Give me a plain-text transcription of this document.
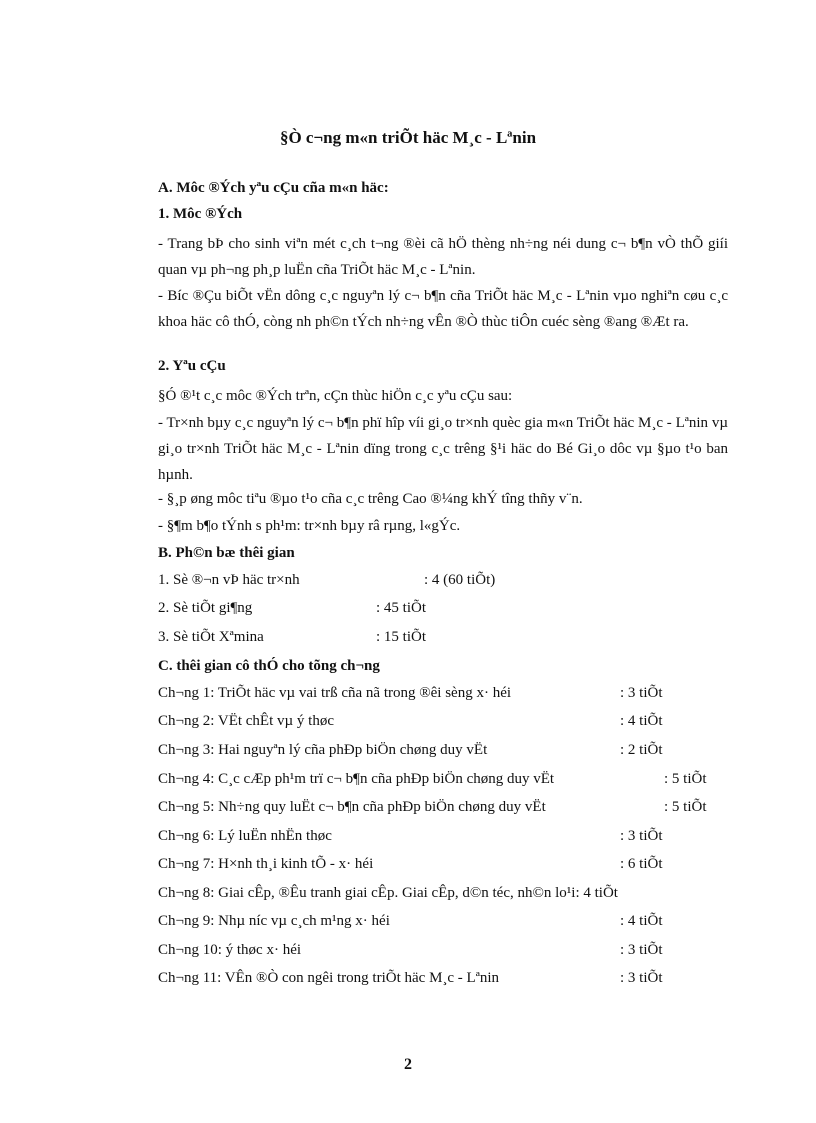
§Ò c¬ng m«n triÕt häc M¸c - Lªnin
A. Môc ®Ých yªu cÇu cña m«n häc:
1. Môc ®Ých
- Trang bÞ cho sinh viªn mét c¸ch t¬ng ®èi cã hÖ thèng nh÷ng néi dung c¬ b¶n vÒ thÕ giíi quan vµ ph¬ng ph¸p luËn cña TriÕt häc M¸c - Lªnin.
- Bíc ®Çu biÕt vËn dông c¸c nguyªn lý c¬ b¶n cña TriÕt häc M¸c - Lªnin vµo nghiªn cøu c¸c khoa häc cô thÓ, còng nh ph©n tÝch nh÷ng vÊn ®Ò thùc tiÔn cuéc sèng ®ang ®Æt ra.
2. Yªu cÇu
§Ó ®¹t c¸c môc ®Ých trªn, cÇn thùc hiÖn c¸c yªu cÇu sau:
- Tr×nh bµy c¸c nguyªn lý c¬ b¶n phï hîp víi gi¸o tr×nh quèc gia m«n TriÕt häc M¸c - Lªnin vµ gi¸o tr×nh TriÕt häc M¸c - Lªnin dïng trong c¸c trêng §¹i häc do Bé Gi¸o dôc vµ §µo t¹o ban hµnh.
- §¸p øng môc tiªu ®µo t¹o cña c¸c trêng Cao ®¼ng khÝ tîng thñy v¨n.
- §¶m b¶o tÝnh s ph¹m: tr×nh bµy râ rµng, l«gÝc.
B. Ph©n bæ thêi gian
1. Sè ®¬n vÞ häc tr×nh	: 4 (60 tiÕt)
2. Sè tiÕt gi¶ng	: 45 tiÕt
3. Sè tiÕt Xªmina	: 15 tiÕt
C. thêi gian cô thÓ cho tõng ch¬ng
Ch¬ng 1: TriÕt häc vµ vai trß cña nã trong ®êi sèng x· héi	: 3 tiÕt
Ch¬ng 2: VËt chÊt vµ ý thøc	: 4 tiÕt
Ch¬ng 3: Hai nguyªn lý cña phÐp biÖn chøng duy vËt	: 2 tiÕt
Ch¬ng 4: C¸c cÆp ph¹m trï c¬ b¶n cña phÐp biÖn chøng duy vËt	: 5 tiÕt
Ch¬ng 5: Nh÷ng quy luËt c¬ b¶n cña phÐp biÖn chøng duy vËt	: 5 tiÕt
Ch¬ng 6: Lý luËn nhËn thøc	: 3 tiÕt
Ch¬ng 7: H×nh th¸i kinh tÕ - x· héi	: 6 tiÕt
Ch¬ng 8: Giai cÊp, ®Êu tranh giai cÊp. Giai cÊp, d©n téc, nh©n lo¹i: 4 tiÕt
Ch¬ng 9: Nhµ níc vµ c¸ch m¹ng x· héi	: 4 tiÕt
Ch¬ng 10: ý thøc x· héi	: 3 tiÕt
Ch¬ng 11: VÊn ®Ò con ngêi trong triÕt häc M¸c - Lªnin	: 3 tiÕt
2
